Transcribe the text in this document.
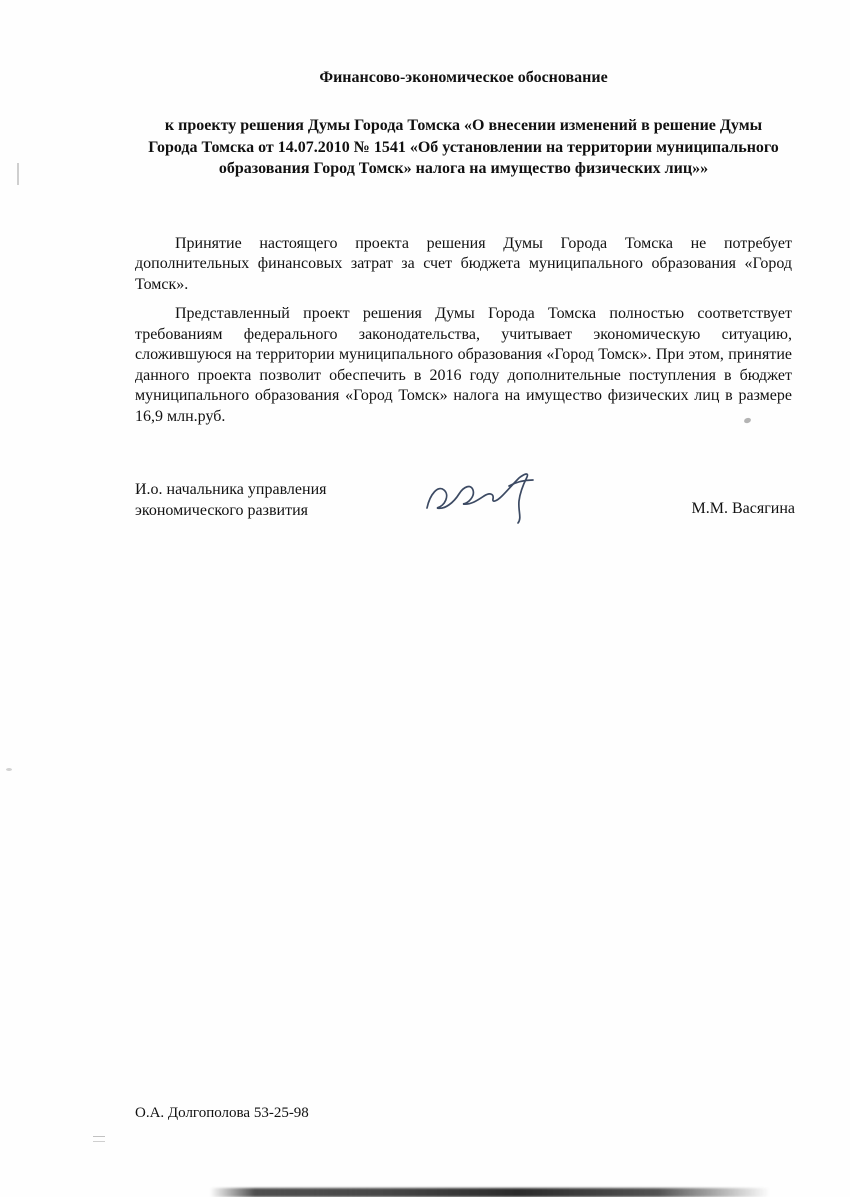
Финансово-экономическое обоснование
к проекту решения Думы Города Томска «О внесении изменений в решение Думы Города Томска от 14.07.2010 № 1541 «Об установлении на территории муниципального образования Город Томск» налога на имущество физических лиц»»

Принятие настоящего проекта решения Думы Города Томска не потребует дополнительных финансовых затрат за счет бюджета муниципального образования «Город Томск».

Представленный проект решения Думы Города Томска полностью соответствует требованиям федерального законодательства, учитывает экономическую ситуацию, сложившуюся на территории муниципального образования «Город Томск». При этом, принятие данного проекта позволит обеспечить в 2016 году дополнительные поступления в бюджет муниципального образования «Город Томск» налога на имущество физических лиц в размере 16,9 млн.руб.

И.о. начальника управления
экономического развития	М.М. Васягина
О.А. Долгополова 53-25-98
